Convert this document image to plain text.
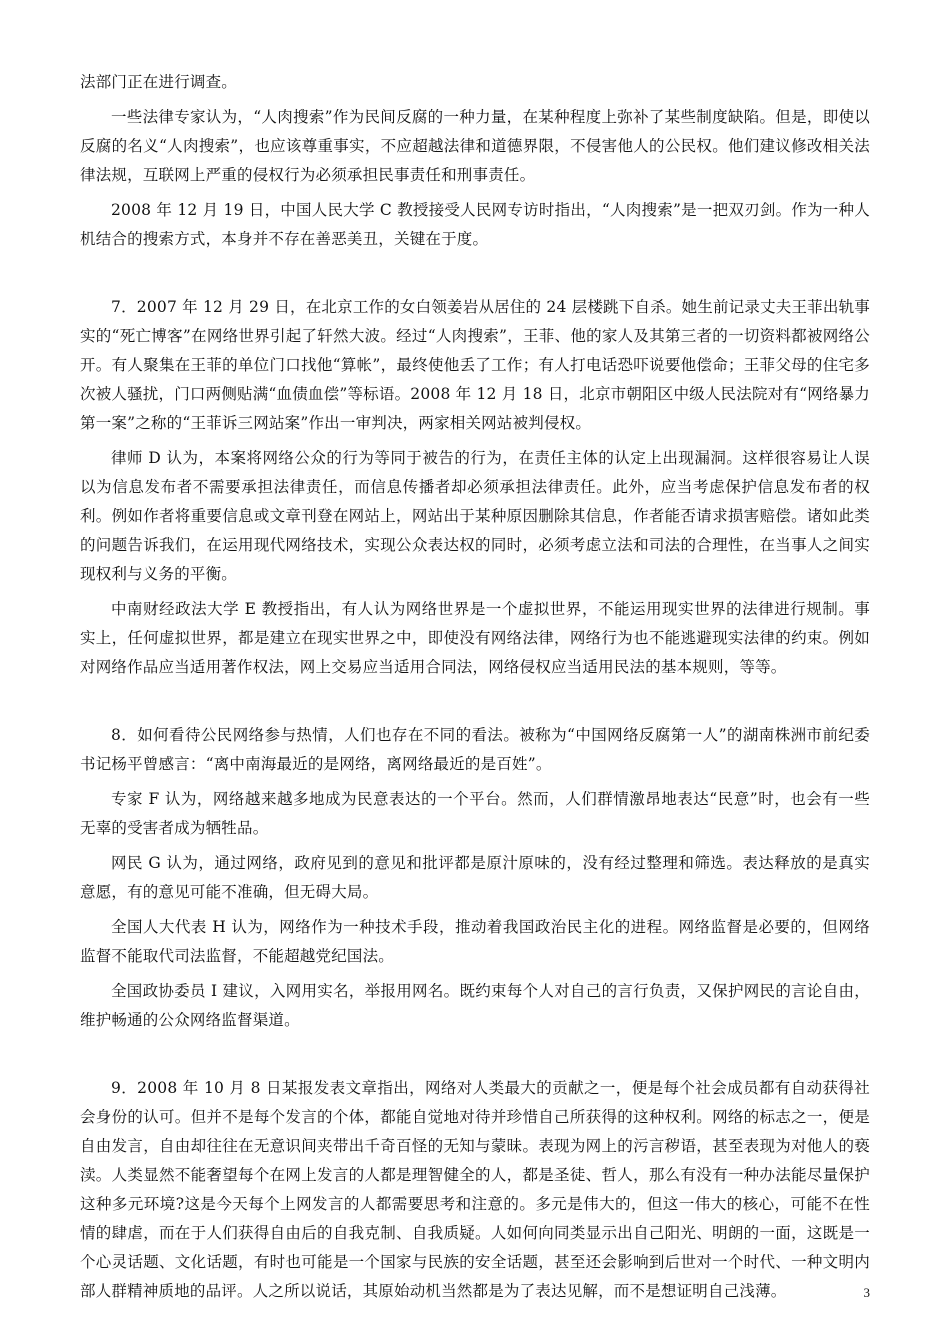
法部门正在进行调查。

一些法律专家认为，“人肉搜索”作为民间反腐的一种力量，在某种程度上弥补了某些制度缺陷。但是，即使以反腐的名义“人肉搜索”，也应该尊重事实，不应超越法律和道德界限，不侵害他人的公民权。他们建议修改相关法律法规，互联网上严重的侵权行为必须承担民事责任和刑事责任。

2008 年 12 月 19 日，中国人民大学 C 教授接受人民网专访时指出，“人肉搜索”是一把双刃剑。作为一种人机结合的搜索方式，本身并不存在善恶美丑，关键在于度。

7．2007 年 12 月 29 日，在北京工作的女白领姜岩从居住的 24 层楼跳下自杀。她生前记录丈夫王菲出轨事实的“死亡博客”在网络世界引起了轩然大波。经过“人肉搜索”，王菲、他的家人及其第三者的一切资料都被网络公开。有人聚集在王菲的单位门口找他“算帐”，最终使他丢了工作；有人打电话恐吓说要他偿命；王菲父母的住宅多次被人骚扰，门口两侧贴满“血债血偿”等标语。2008 年 12 月 18 日，北京市朝阳区中级人民法院对有“网络暴力第一案”之称的“王菲诉三网站案”作出一审判决，两家相关网站被判侵权。

律师 D 认为，本案将网络公众的行为等同于被告的行为，在责任主体的认定上出现漏洞。这样很容易让人误以为信息发布者不需要承担法律责任，而信息传播者却必须承担法律责任。此外，应当考虑保护信息发布者的权利。例如作者将重要信息或文章刊登在网站上，网站出于某种原因删除其信息，作者能否请求损害赔偿。诸如此类的问题告诉我们，在运用现代网络技术，实现公众表达权的同时，必须考虑立法和司法的合理性，在当事人之间实现权利与义务的平衡。

中南财经政法大学 E 教授指出，有人认为网络世界是一个虚拟世界，不能运用现实世界的法律进行规制。事实上，任何虚拟世界，都是建立在现实世界之中，即使没有网络法律，网络行为也不能逃避现实法律的约束。例如对网络作品应当适用著作权法，网上交易应当适用合同法，网络侵权应当适用民法的基本规则，等等。

8．如何看待公民网络参与热情，人们也存在不同的看法。被称为“中国网络反腐第一人”的湖南株洲市前纪委书记杨平曾感言：“离中南海最近的是网络，离网络最近的是百姓”。

专家 F 认为，网络越来越多地成为民意表达的一个平台。然而，人们群情激昂地表达“民意”时，也会有一些无辜的受害者成为牺牲品。

网民 G 认为，通过网络，政府见到的意见和批评都是原汁原味的，没有经过整理和筛选。表达释放的是真实意愿，有的意见可能不准确，但无碍大局。

全国人大代表 H 认为，网络作为一种技术手段，推动着我国政治民主化的进程。网络监督是必要的，但网络监督不能取代司法监督，不能超越党纪国法。

全国政协委员 I 建议，入网用实名，举报用网名。既约束每个人对自己的言行负责，又保护网民的言论自由，维护畅通的公众网络监督渠道。

9．2008 年 10 月 8 日某报发表文章指出，网络对人类最大的贡献之一，便是每个社会成员都有自动获得社会身份的认可。但并不是每个发言的个体，都能自觉地对待并珍惜自己所获得的这种权利。网络的标志之一，便是自由发言，自由却往往在无意识间夹带出千奇百怪的无知与蒙昧。表现为网上的污言秽语，甚至表现为对他人的亵渎。人类显然不能奢望每个在网上发言的人都是理智健全的人，都是圣徒、哲人，那么有没有一种办法能尽量保护这种多元环境?这是今天每个上网发言的人都需要思考和注意的。多元是伟大的，但这一伟大的核心，可能不在性情的肆虐，而在于人们获得自由后的自我克制、自我质疑。人如何向同类显示出自己阳光、明朗的一面，这既是一个心灵话题、文化话题，有时也可能是一个国家与民族的安全话题，甚至还会影响到后世对一个时代、一种文明内部人群精神质地的品评。人之所以说话，其原始动机当然都是为了表达见解，而不是想证明自己浅薄。	3
